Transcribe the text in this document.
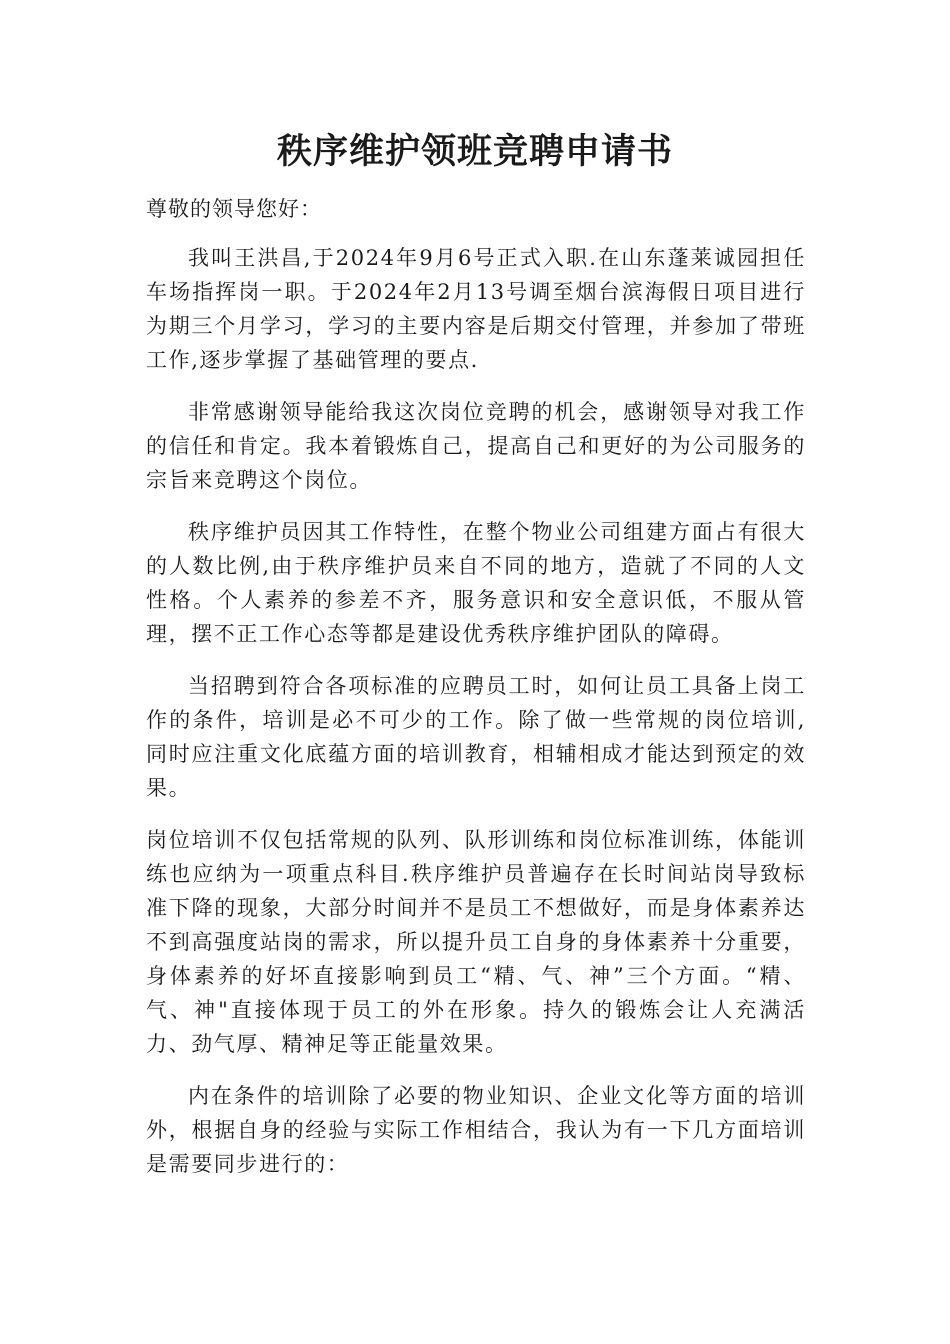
秩序维护领班竞聘申请书

尊敬的领导您好：

我叫王洪昌,于2024年9月6号正式入职.在山东蓬莱诚园担任车场指挥岗一职。于2024年2月13号调至烟台滨海假日项目进行为期三个月学习，学习的主要内容是后期交付管理，并参加了带班工作,逐步掌握了基础管理的要点.

非常感谢领导能给我这次岗位竞聘的机会，感谢领导对我工作的信任和肯定。我本着锻炼自己，提高自己和更好的为公司服务的宗旨来竞聘这个岗位。

秩序维护员因其工作特性，在整个物业公司组建方面占有很大的人数比例,由于秩序维护员来自不同的地方，造就了不同的人文性格。个人素养的参差不齐，服务意识和安全意识低，不服从管理，摆不正工作心态等都是建设优秀秩序维护团队的障碍。

当招聘到符合各项标准的应聘员工时，如何让员工具备上岗工作的条件，培训是必不可少的工作。除了做一些常规的岗位培训,同时应注重文化底蕴方面的培训教育，相辅相成才能达到预定的效果。

岗位培训不仅包括常规的队列、队形训练和岗位标准训练，体能训练也应纳为一项重点科目.秩序维护员普遍存在长时间站岗导致标准下降的现象，大部分时间并不是员工不想做好，而是身体素养达不到高强度站岗的需求，所以提升员工自身的身体素养十分重要，身体素养的好坏直接影响到员工“精、气、神”三个方面。“精、气、神"直接体现于员工的外在形象。持久的锻炼会让人充满活力、劲气厚、精神足等正能量效果。

内在条件的培训除了必要的物业知识、企业文化等方面的培训外，根据自身的经验与实际工作相结合，我认为有一下几方面培训是需要同步进行的：
